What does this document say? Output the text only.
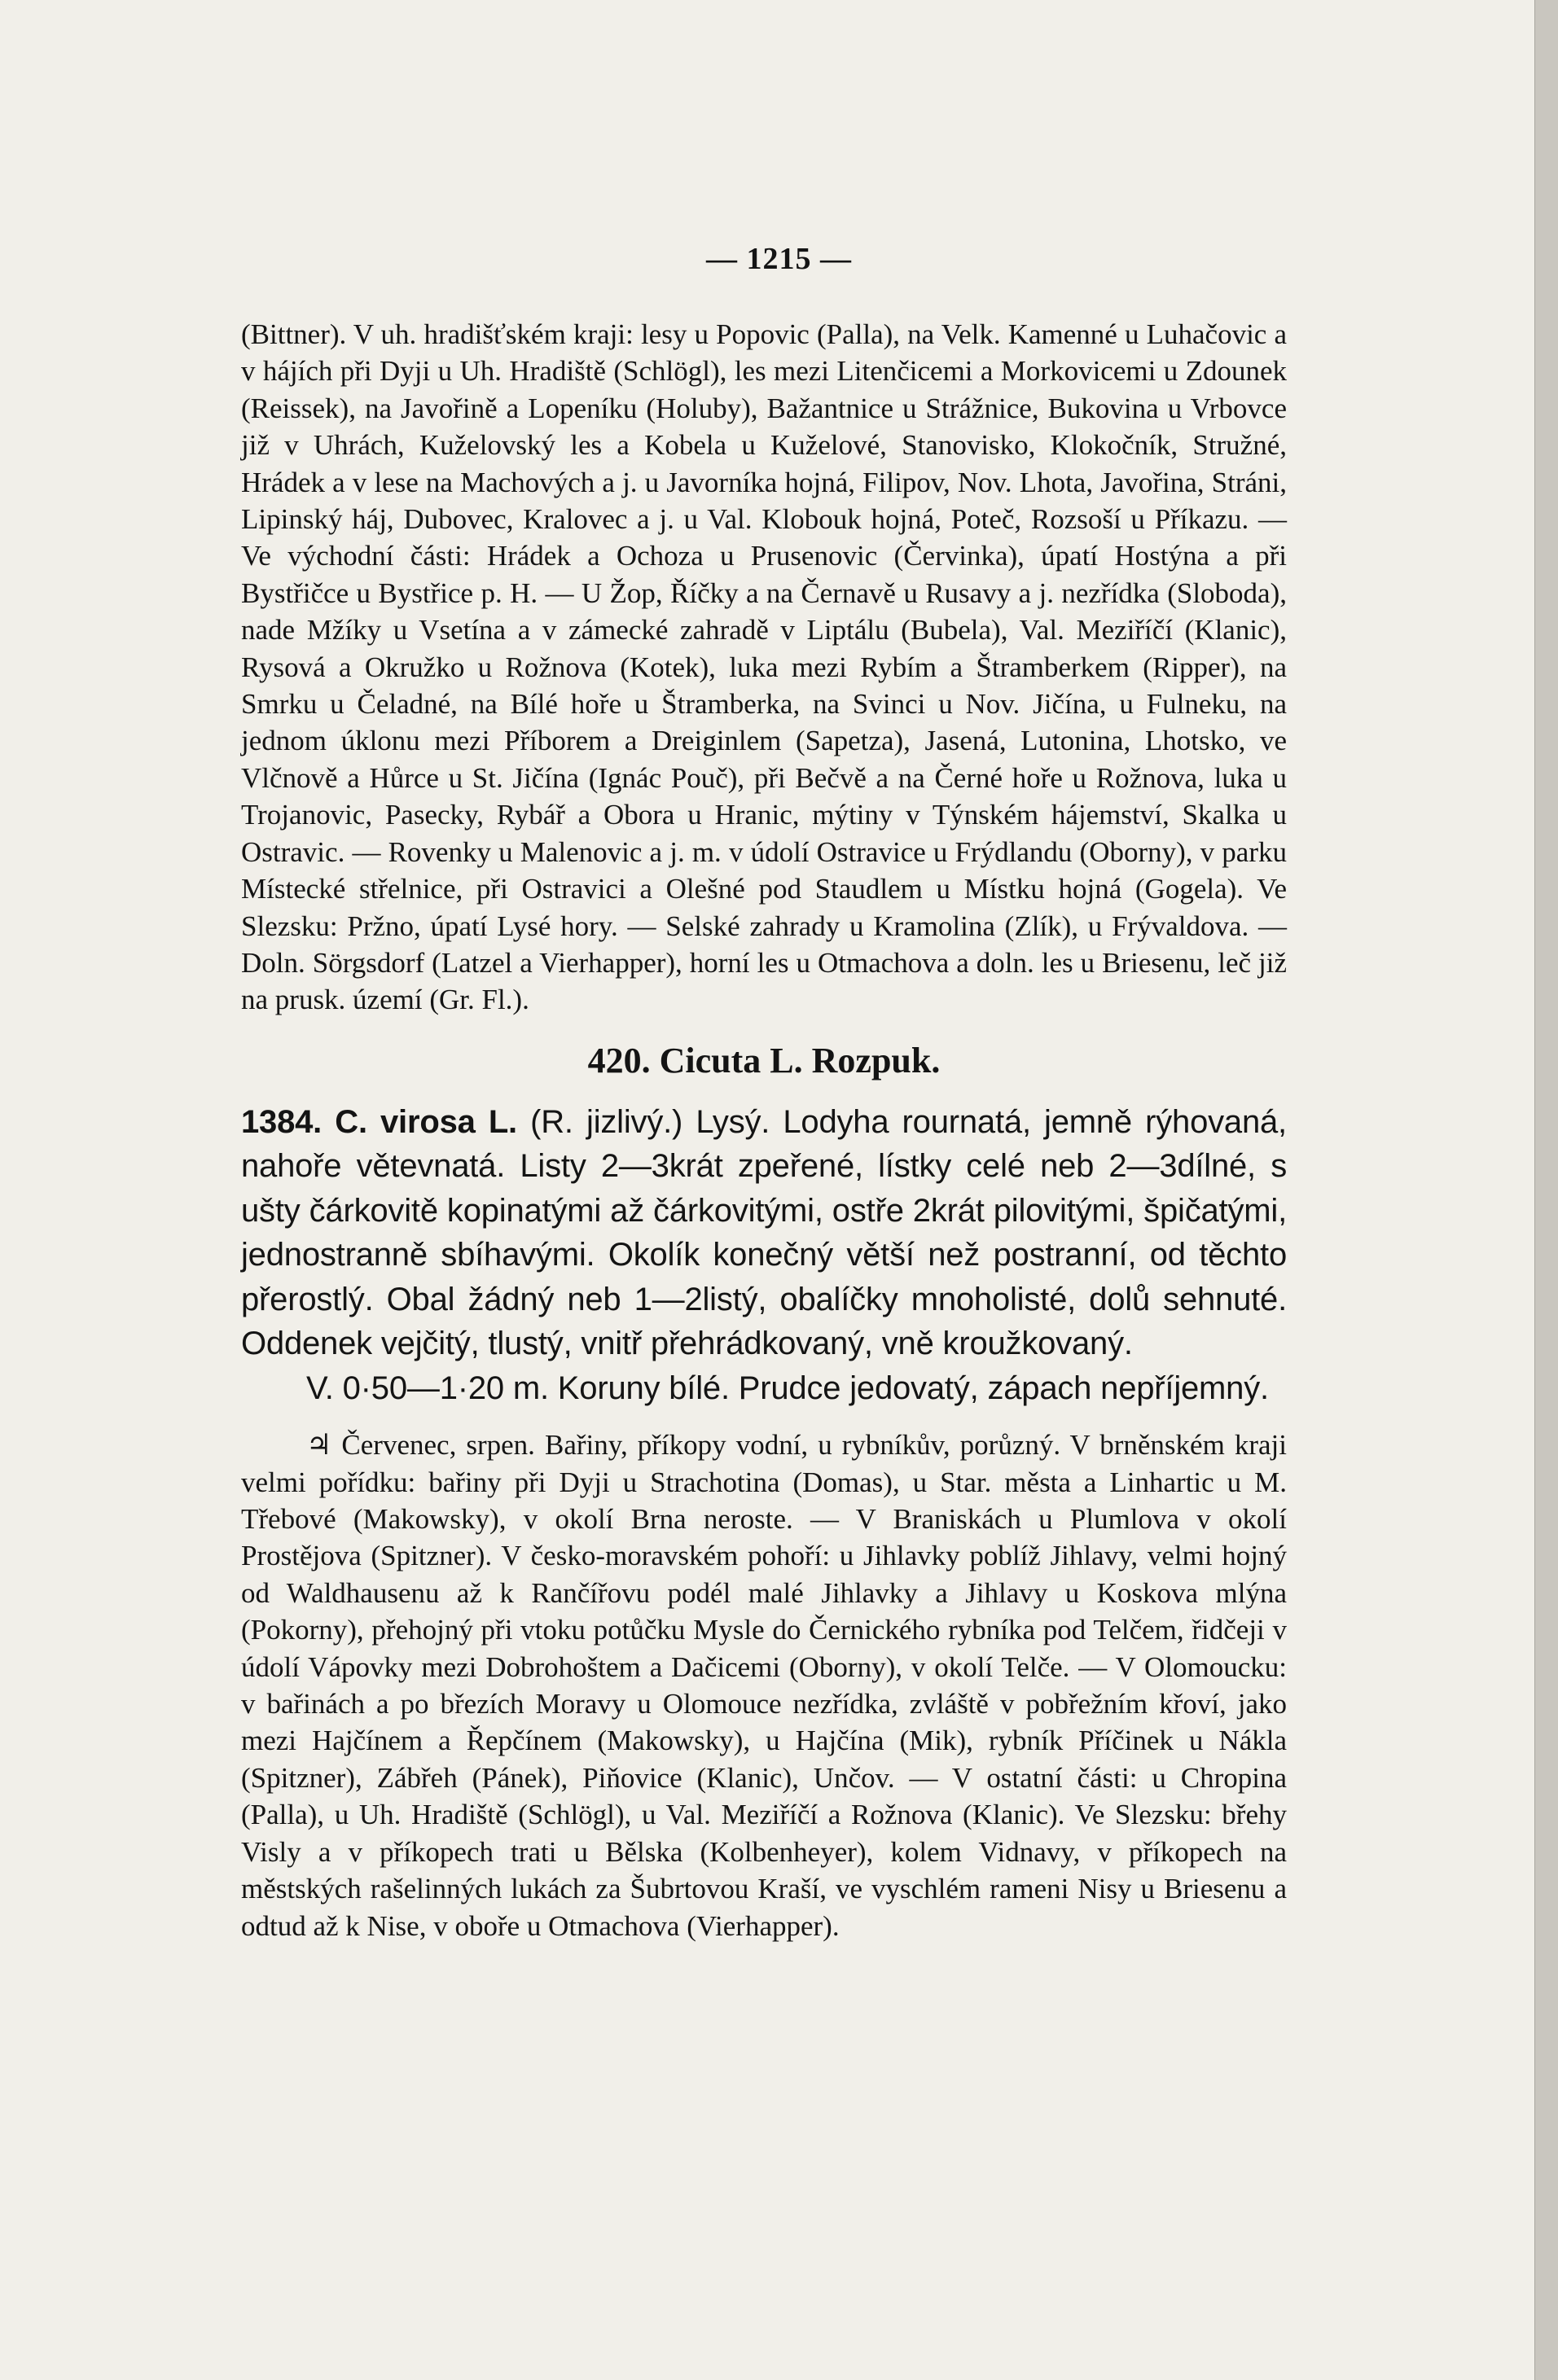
— 1215 —

(Bittner). V uh. hradišťském kraji: lesy u Popovic (Palla), na Velk. Kamenné u Luhačovic a v hájích při Dyji u Uh. Hradiště (Schlögl), les mezi Litenčicemi a Morkovicemi u Zdounek (Reissek), na Javořině a Lopeníku (Holuby), Bažantnice u Strážnice, Bukovina u Vrbovce již v Uhrách, Kuželovský les a Kobela u Kuželové, Stanovisko, Klokočník, Stružné, Hrádek a v lese na Machových a j. u Javorníka hojná, Filipov, Nov. Lhota, Javořina, Stráni, Lipinský háj, Dubovec, Kralovec a j. u Val. Klobouk hojná, Poteč, Rozsoší u Příkazu. — Ve východní části: Hrádek a Ochoza u Prusenovic (Červinka), úpatí Hostýna a při Bystřičce u Bystřice p. H. — U Žop, Říčky a na Černavě u Rusavy a j. nezřídka (Sloboda), nade Mžíky u Vsetína a v zámecké zahradě v Liptálu (Bubela), Val. Meziříčí (Klanic), Rysová a Okružko u Rožnova (Kotek), luka mezi Rybím a Štramberkem (Ripper), na Smrku u Čeladné, na Bílé hoře u Štramberka, na Svinci u Nov. Jičína, u Fulneku, na jednom úklonu mezi Příborem a Dreiginlem (Sapetza), Jasená, Lutonina, Lhotsko, ve Vlčnově a Hůrce u St. Jičína (Ignác Pouč), při Bečvě a na Černé hoře u Rožnova, luka u Trojanovic, Pasecky, Rybář a Obora u Hranic, mýtiny v Týnském hájemství, Skalka u Ostravic. — Rovenky u Malenovic a j. m. v údolí Ostravice u Frýdlandu (Oborny), v parku Místecké střelnice, při Ostravici a Olešné pod Staudlem u Místku hojná (Gogela). Ve Slezsku: Pržno, úpatí Lysé hory. — Selské zahrady u Kramolina (Zlík), u Frývaldova. — Doln. Sörgsdorf (Latzel a Vierhapper), horní les u Otmachova a doln. les u Briesenu, leč již na prusk. území (Gr. Fl.).

420. Cicuta L. Rozpuk.

1384. C. virosa L. (R. jizlivý.) Lysý. Lodyha rournatá, jemně rýhovaná, nahoře větevnatá. Listy 2—3krát zpeřené, lístky celé neb 2—3dílné, s ušty čárkovitě kopinatými až čárkovitými, ostře 2krát pilovitými, špičatými, jednostranně sbíhavými. Okolík konečný větší než postranní, od těchto přerostlý. Obal žádný neb 1—2listý, obalíčky mnoholisté, dolů sehnuté. Oddenek vejčitý, tlustý, vnitř přehrádkovaný, vně kroužkovaný.

V. 0·50—1·20 m. Koruny bílé. Prudce jedovatý, zápach nepříjemný.

♃ Červenec, srpen. Bařiny, příkopy vodní, u rybníkův, porůzný. V brněnském kraji velmi pořídku: bařiny při Dyji u Strachotina (Domas), u Star. města a Linhartic u M. Třebové (Makowsky), v okolí Brna neroste. — V Braniskách u Plumlova v okolí Prostějova (Spitzner). V česko-moravském pohoří: u Jihlavky poblíž Jihlavy, velmi hojný od Waldhausenu až k Rančířovu podél malé Jihlavky a Jihlavy u Koskova mlýna (Pokorny), přehojný při vtoku potůčku Mysle do Černického rybníka pod Telčem, řidčeji v údolí Vápovky mezi Dobrohoštem a Dačicemi (Oborny), v okolí Telče. — V Olomoucku: v bařinách a po březích Moravy u Olomouce nezřídka, zvláště v pobřežním křoví, jako mezi Hajčínem a Řepčínem (Makowsky), u Hajčína (Mik), rybník Příčinek u Nákla (Spitzner), Zábřeh (Pánek), Piňovice (Klanic), Unčov. — V ostatní části: u Chropina (Palla), u Uh. Hradiště (Schlögl), u Val. Meziříčí a Rožnova (Klanic). Ve Slezsku: břehy Visly a v příkopech trati u Bělska (Kolbenheyer), kolem Vidnavy, v příkopech na městských rašelinných lukách za Šubrtovou Kraší, ve vyschlém rameni Nisy u Briesenu a odtud až k Nise, v oboře u Otmachova (Vierhapper).
